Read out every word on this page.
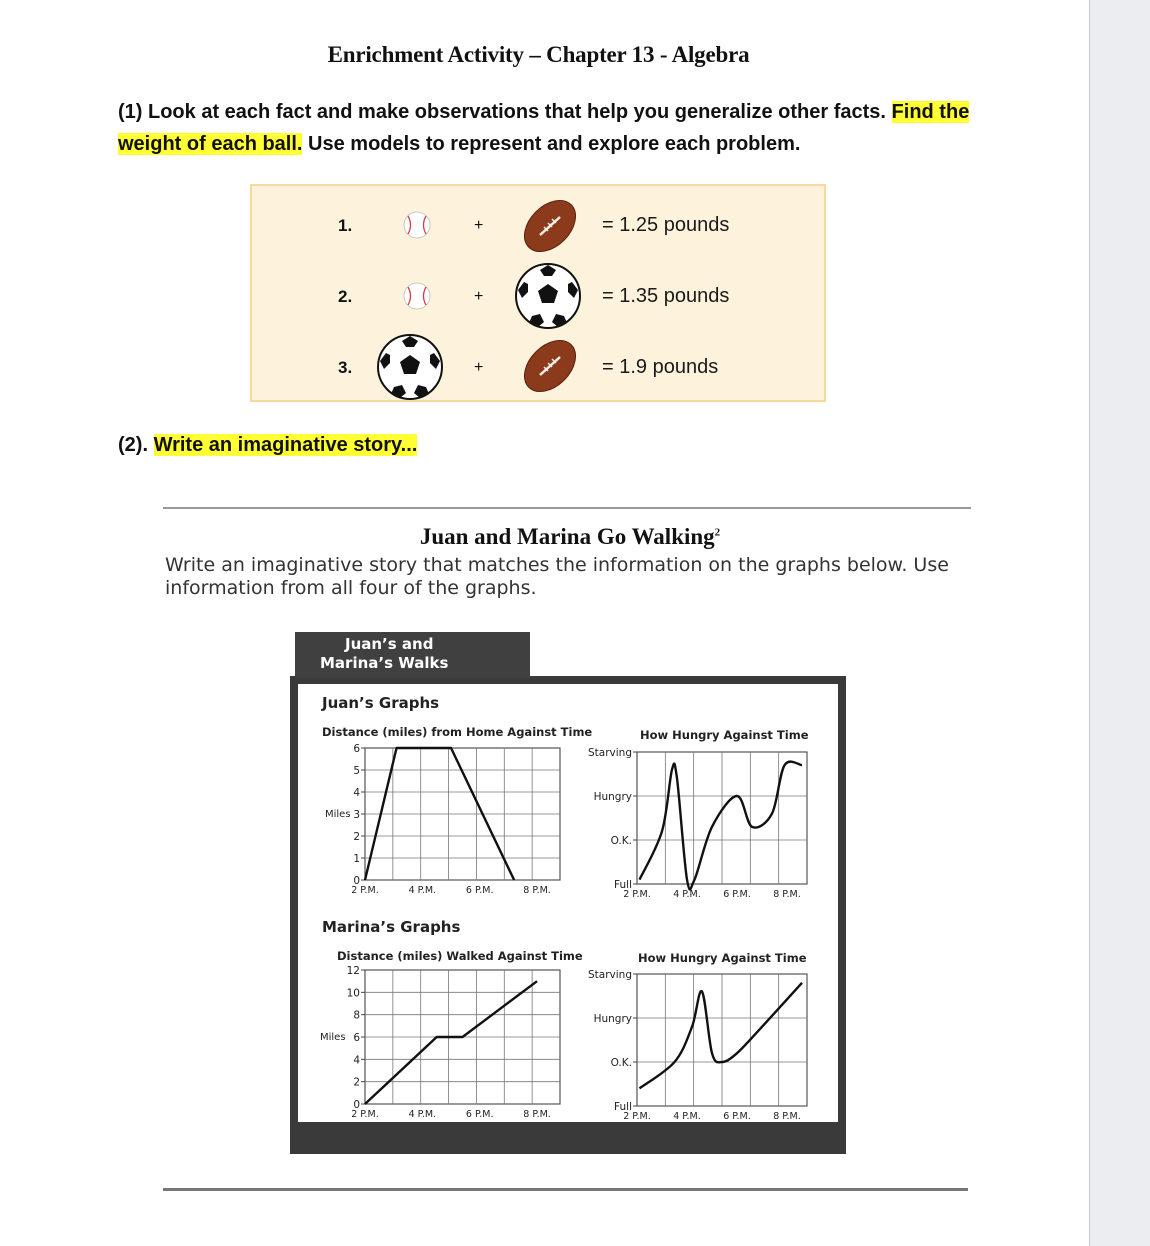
Enrichment Activity – Chapter 13 - Algebra
(1) Look at each fact and make observations that help you generalize other facts. Find the weight of each ball. Use models to represent and explore each problem.
1.	+	= 1.25 pounds
2.	+	= 1.35 pounds
3.	+	= 1.9 pounds
(2). Write an imaginative story...
Juan and Marina Go Walking$^2$
Write an imaginative story that matches the information on the graphs below. Use information from all four of the graphs.
Juan’s and
Marina’s Walks
Juan’s Graphs
Marina’s Graphs
Distance (miles) from Home Against Time
Miles
6
5
4
3
2
1
0
2 P.M.	4 P.M.	6 P.M.	8 P.M.
How Hungry Against Time
Starving
Hungry
O.K.
Full
2 P.M. 4 P.M. 6 P.M. 8 P.M.
Distance (miles) Walked Against Time
Miles
12
10
8
6
4
2
0
2 P.M.	4 P.M.	6 P.M.	8 P.M.
How Hungry Against Time
Starving
Hungry
O.K.
Full
2 P.M. 4 P.M. 6 P.M. 8 P.M.
